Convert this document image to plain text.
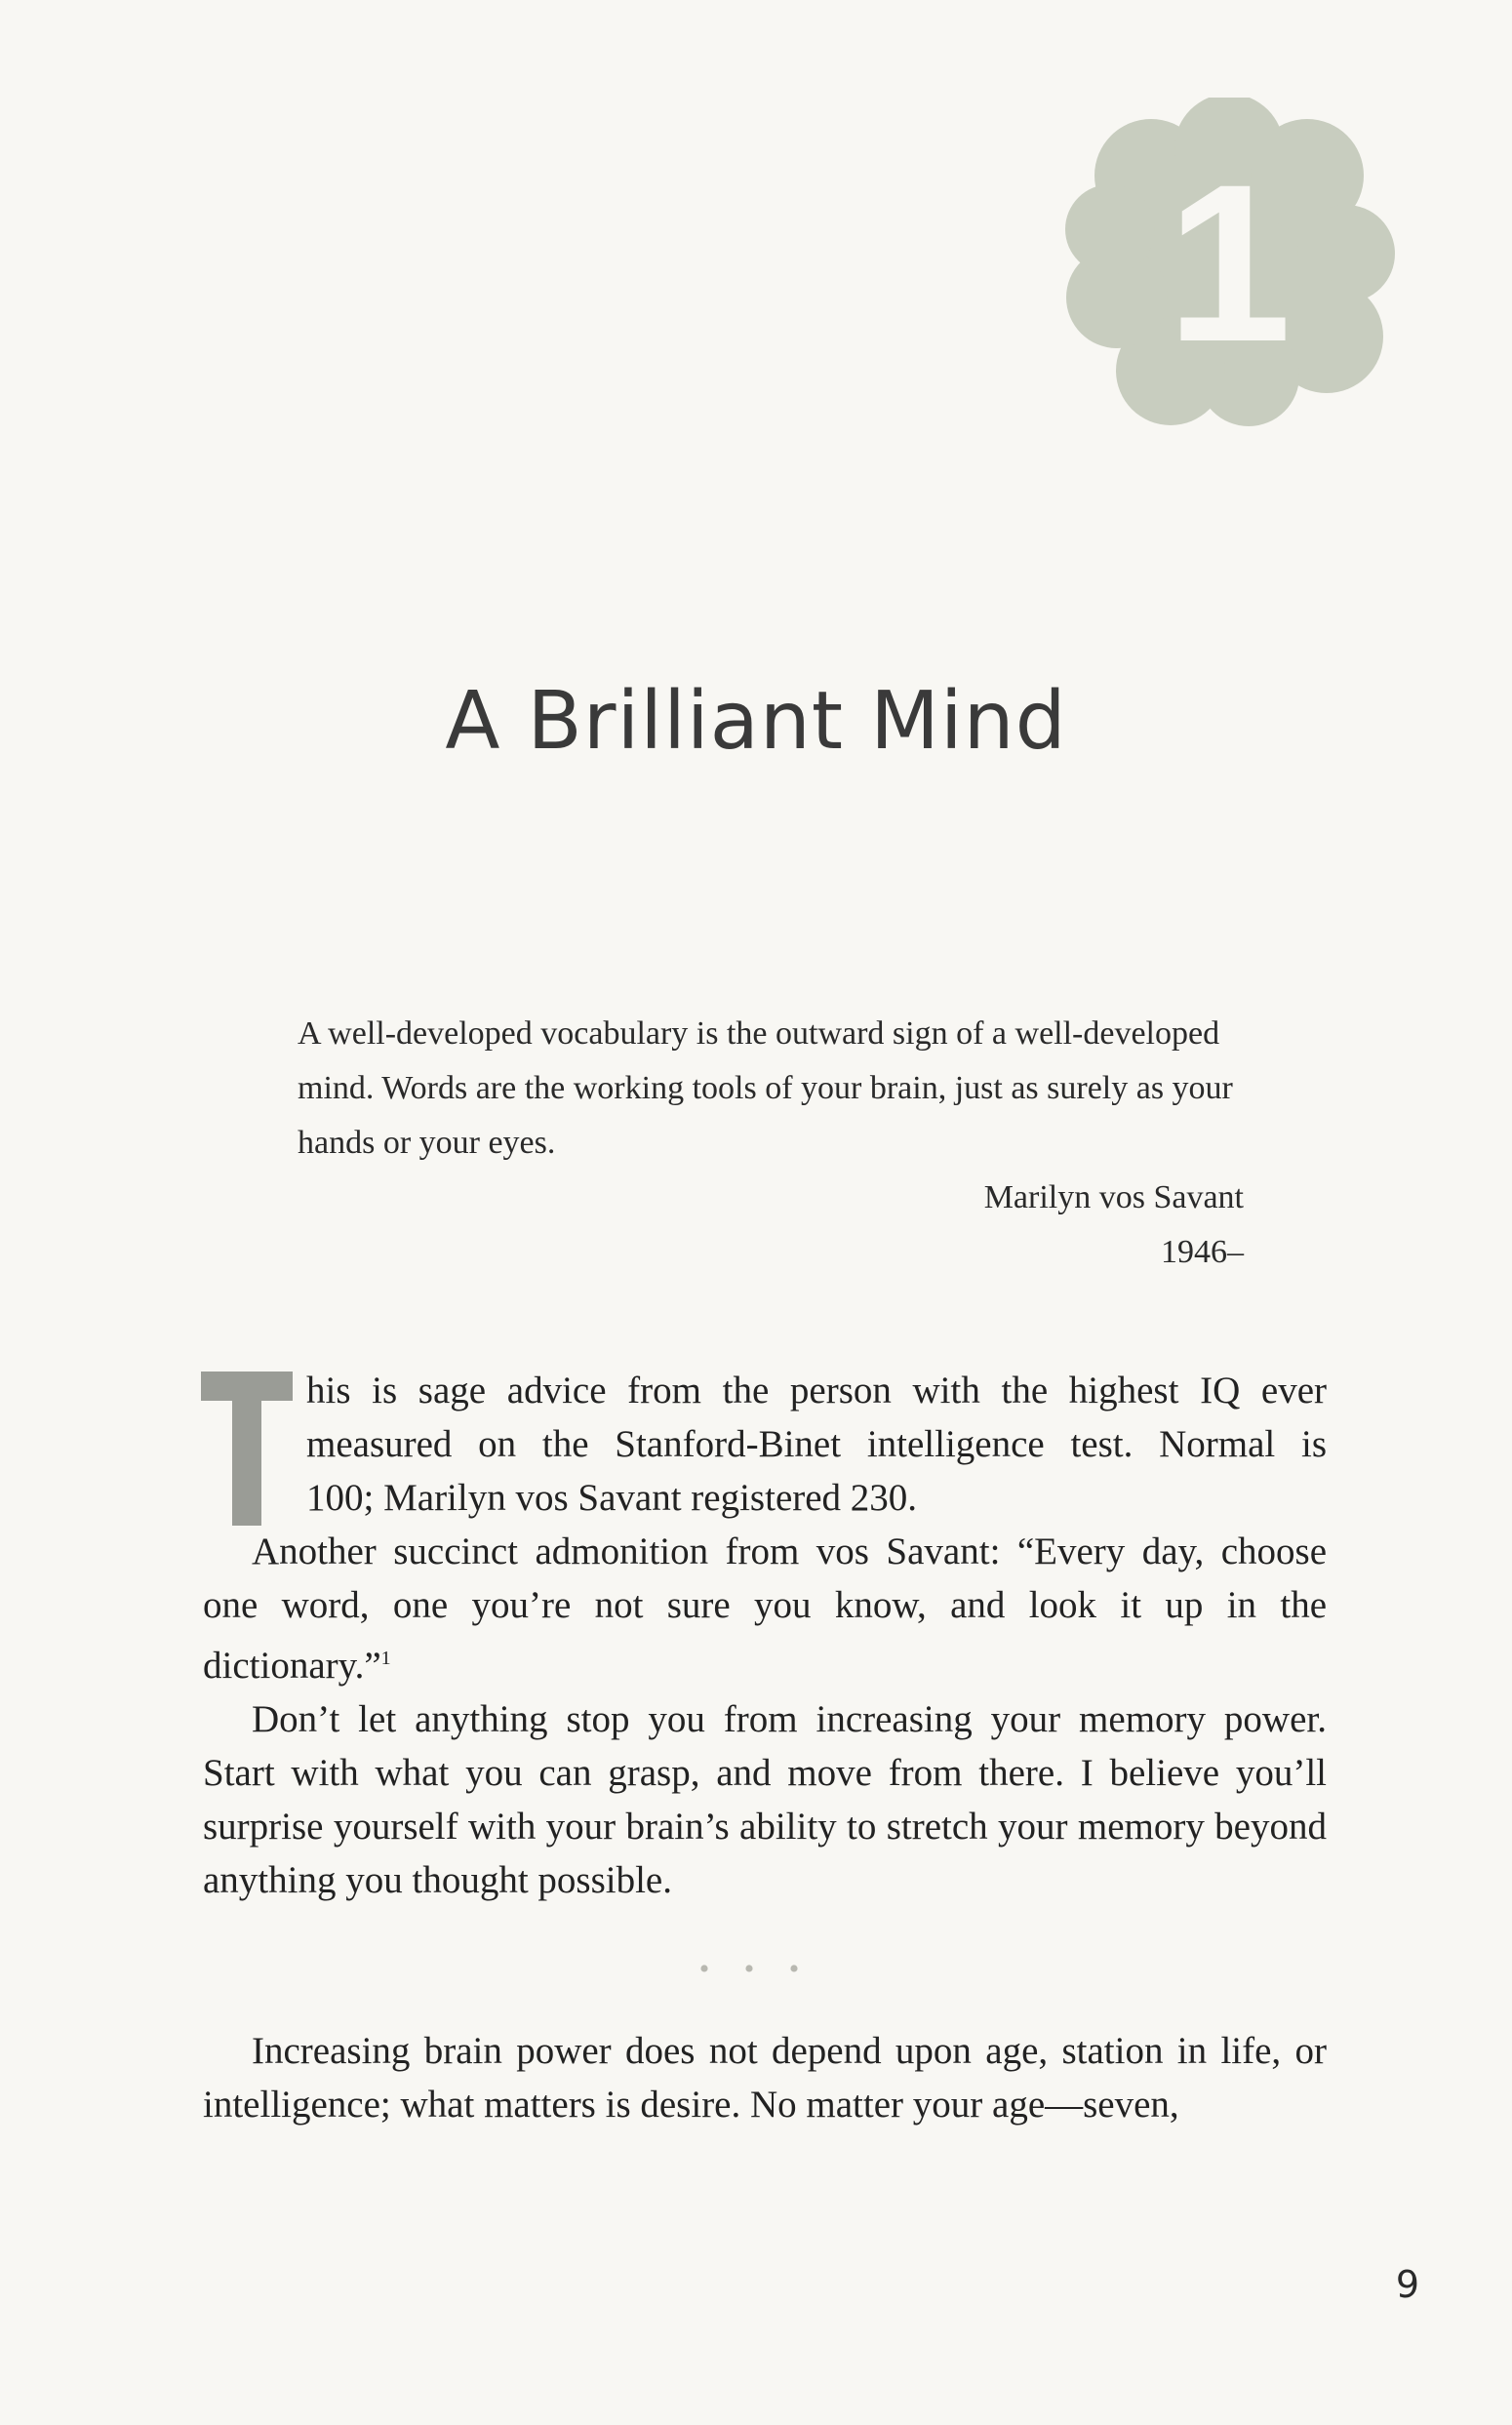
1
A Brilliant Mind

A well-developed vocabulary is the outward sign of a well-developed mind. Words are the working tools of your brain, just as surely as your hands or your eyes.

Marilyn vos Savant
1946–

his is sage advice from the person with the highest IQ ever
measured on the Stanford-Binet intelligence test. Normal is
100; Marilyn vos Savant registered 230.

Another succinct admonition from vos Savant: “Every day, choose one word, one you’re not sure you know, and look it up in the dictionary.”$^1$

Don’t let anything stop you from increasing your memory power. Start with what you can grasp, and move from there. I believe you’ll surprise yourself with your brain’s ability to stretch your memory beyond anything you thought possible.

• • •

Increasing brain power does not depend upon age, station in life, or intelligence; what matters is desire. No matter your age—seven,

9
